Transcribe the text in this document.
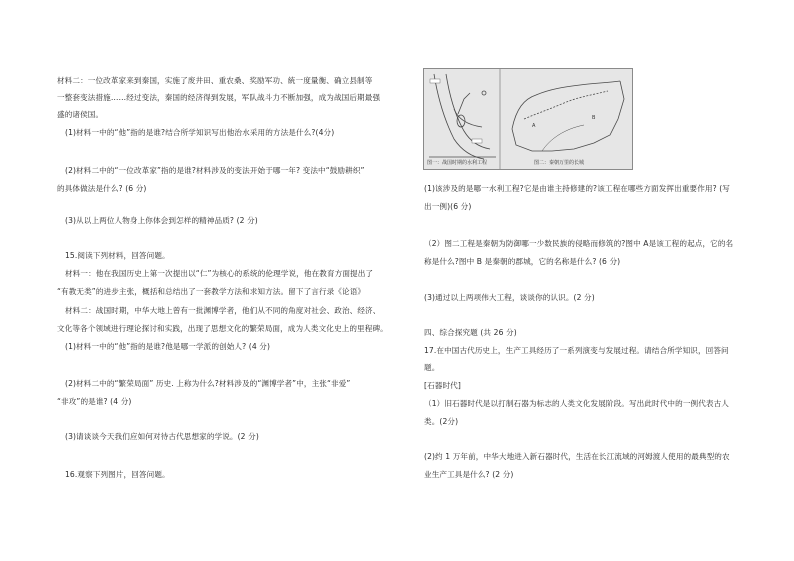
材料二：一位改革家来到秦国，实施了废井田、重农桑、奖励军功、統一度量衡、确立县制等
一整套变法措施……经过变法，秦国的经济得到发展，军队战斗力不断加强，成为战国后期最强
盛的诸侯国。
(1)材料一中的“他”指的是谁?结合所学知识写出他治水采用的方法是什么?(4分)
(2)材料二中的“一位改革家”指的是谁?材料涉及的变法开始于哪一年? 变法中“鼓励耕织”
的具体做法是什么? (6 分)
(3)从以上两位人物身上你体会到怎样的精神品质? (2 分)
15.阅读下列材料，回答问题。
材料一：他在我国历史上第一次提出以“仁”为核心的系统的伦理学说，他在教育方面提出了
“有教无类”的进步主张，概括和总结出了一套教学方法和求知方法。留下了言行录《论语》
材料二：战国时期，中华大地上曾有一批渊博学者，他们从不同的角度对社会、政治、经济、
文化等各个领域进行理论探讨和实践，出现了思想文化的繁荣局面，成为人类文化史上的里程碑。
(1)材料一中的“他”指的是谁?他是哪一学派的创始人? (4 分)
(2)材料二中的“繁荣局面” 历史. 上称为什么?材料涉及的“渊博学者”中，主张“非爱”
“非攻”的是谁? (4 分)
(3)请谈谈今天我们应如何对待古代思想家的学说。(2 分)
16.观察下列图片，回答问题。
A
B
图一：战国时期的水利工程	图二：秦朝万里的长城
(1)该涉及的是哪一水利工程?它是由谁主持修建的?该工程在哪些方面发挥出重要作用? (写
出一例)(6 分)
（2）图二工程是秦朝为防御哪一少数民族的侵略而修筑的?图中 A是该工程的起点，它的名
称是什么?图中 B 是秦朝的郡城，它的名称是什么? (6 分)
(3)通过以上两项伟大工程，谈谈你的认识。(2 分)
四、综合探究题 (共 26 分)
17.在中国古代历史上，生产工具经历了一系列演变与发展过程。请结合所学知识，回答问
题。
[石器时代]
（1）旧石器时代是以打制石器为标志的人类文化发展阶段。写出此时代中的一例代表古人
类。(2分)
(2)约 1 万年前，中华大地进入新石器时代，生活在长江流域的河姆渡人使用的最典型的农
业生产工具是什么? (2 分)
